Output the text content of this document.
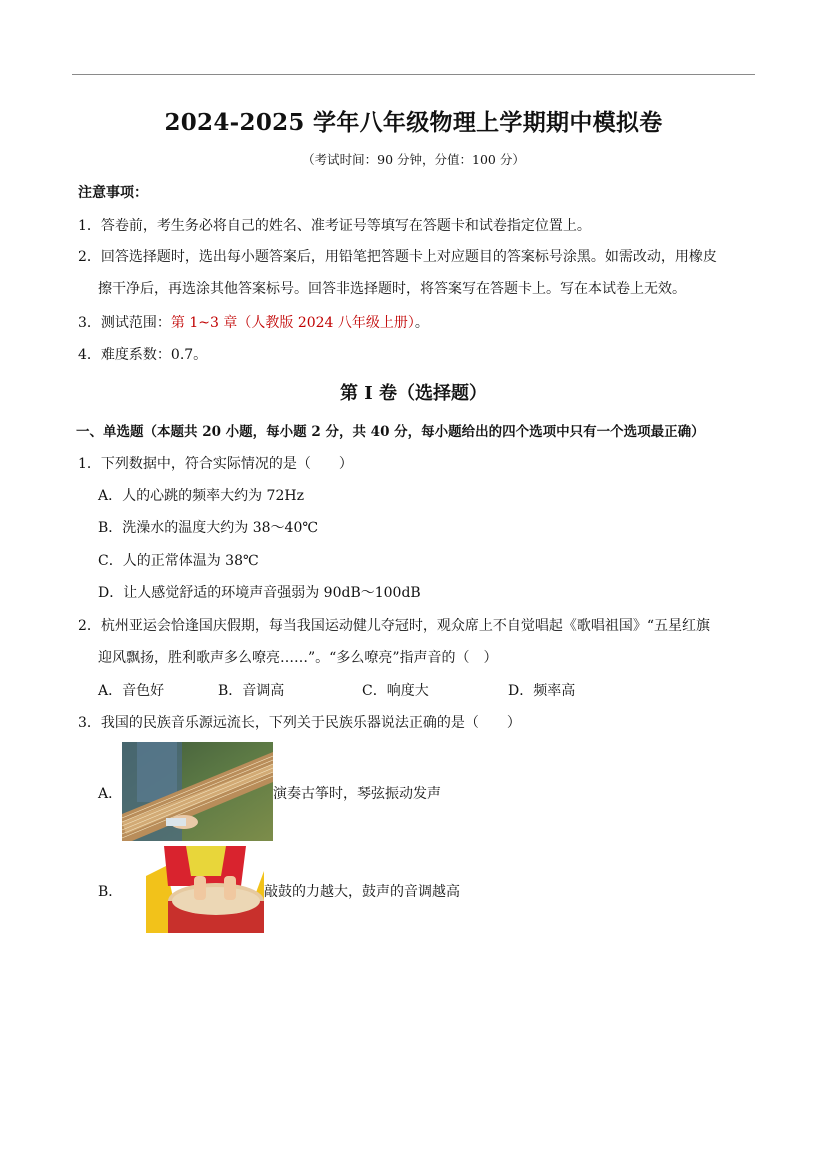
2024-2025 学年八年级物理上学期期中模拟卷
（考试时间：90 分钟，分值：100 分）
注意事项：
1．答卷前，考生务必将自己的姓名、准考证号等填写在答题卡和试卷指定位置上。
2．回答选择题时，选出每小题答案后，用铅笔把答题卡上对应题目的答案标号涂黑。如需改动，用橡皮
擦干净后，再选涂其他答案标号。回答非选择题时，将答案写在答题卡上。写在本试卷上无效。
3．测试范围：第 1~3 章（人教版 2024 八年级上册）。
4．难度系数：0.7。
第 I 卷（选择题）
一、单选题（本题共 20 小题，每小题 2 分，共 40 分，每小题给出的四个选项中只有一个选项最正确）
1．下列数据中，符合实际情况的是（　　）
A．人的心跳的频率大约为 72Hz
B．洗澡水的温度大约为 38～40℃
C．人的正常体温为 38℃
D．让人感觉舒适的环境声音强弱为 90dB～100dB
2．杭州亚运会恰逢国庆假期，每当我国运动健儿夺冠时，观众席上不自觉唱起《歌唱祖国》“五星红旗
迎风飘扬，胜利歌声多么嘹亮……”。“多么嘹亮”指声音的（　）
A．音色好	B．音调高	C．响度大	D．频率高
3．我国的民族音乐源远流长，下列关于民族乐器说法正确的是（　　）
A．	演奏古筝时，琴弦振动发声
B．	敲鼓的力越大，鼓声的音调越高
